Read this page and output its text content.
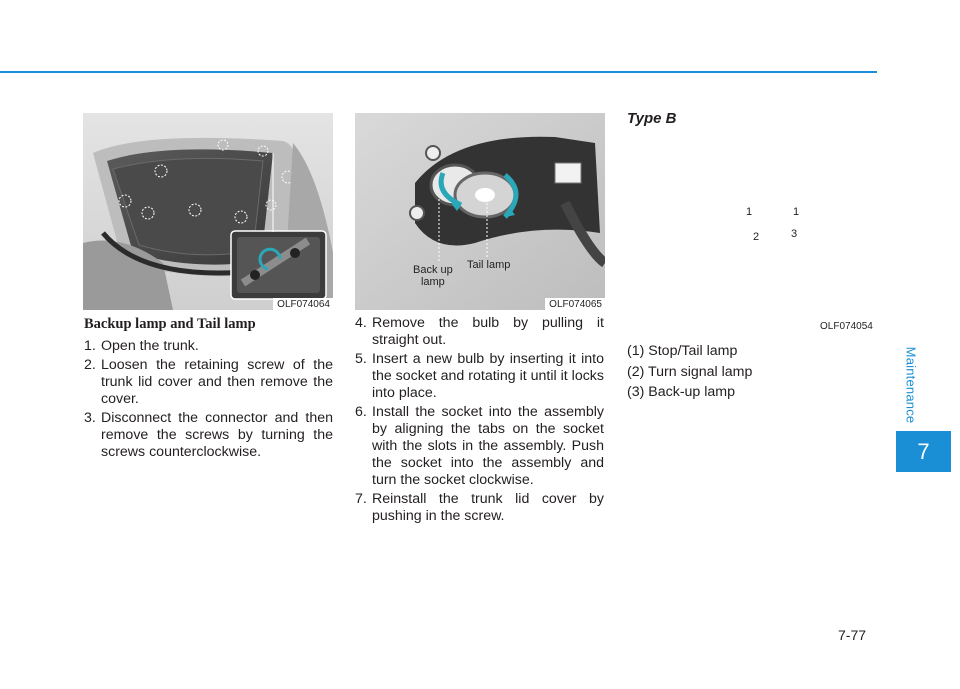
OLF074064
Back up
lamp
Tail lamp
OLF074065
Backup lamp and Tail lamp
1. Open the trunk.
2. Loosen the retaining screw of the trunk lid cover and then remove the cover.
3. Disconnect the connector and then remove the screws by turning the screws counterclockwise.
4. Remove the bulb by pulling it straight out.
5. Insert a new bulb by inserting it into the socket and rotating it until it locks into place.
6. Install the socket into the assembly by aligning the tabs on the socket with the slots in the assembly. Push the socket into the assembly and turn the socket clockwise.
7. Reinstall the trunk lid cover by pushing in the screw.
Type B
1	1
2	3
OLF074054
(1) Stop/Tail lamp
(2) Turn signal lamp
(3) Back-up lamp	Maintenance
7
7-77
